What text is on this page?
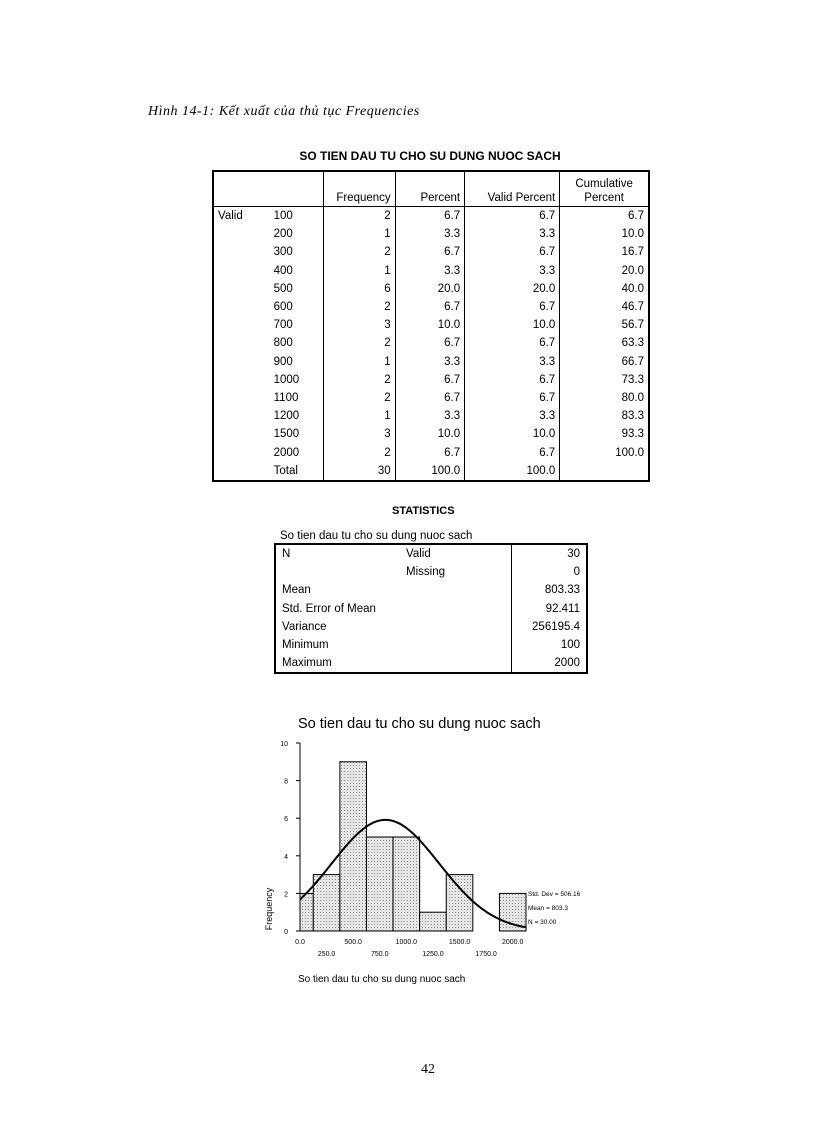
Hình 14-1: Kết xuất của thủ tục Frequencies
SO TIEN DAU TU CHO SU DUNG NUOC SACH
		Frequency	Percent	Valid Percent	Cumulative
Percent
Valid	100	2	6.7	6.7	6.7
	200	1	3.3	3.3	10.0
	300	2	6.7	6.7	16.7
	400	1	3.3	3.3	20.0
	500	6	20.0	20.0	40.0
	600	2	6.7	6.7	46.7
	700	3	10.0	10.0	56.7
	800	2	6.7	6.7	63.3
	900	1	3.3	3.3	66.7
	1000	2	6.7	6.7	73.3
	1100	2	6.7	6.7	80.0
	1200	1	3.3	3.3	83.3
	1500	3	10.0	10.0	93.3
	2000	2	6.7	6.7	100.0
	Total	30	100.0	100.0	
STATISTICS
So tien dau tu cho su dung nuoc sach
N	Valid	30
	Missing	0
Mean		803.33
Std. Error of Mean		92.411
Variance		256195.4
Minimum		100
Maximum		2000
So tien dau tu cho su dung nuoc sach
0
2
4
6
8
10
Frequency
0.0	500.0	1000.0	1500.0	2000.0
250.0	750.0	1250.0	1750.0
Std. Dev = 506.16
Mean = 803.3
N = 30.00
So tien dau tu cho su dung nuoc sach
42
